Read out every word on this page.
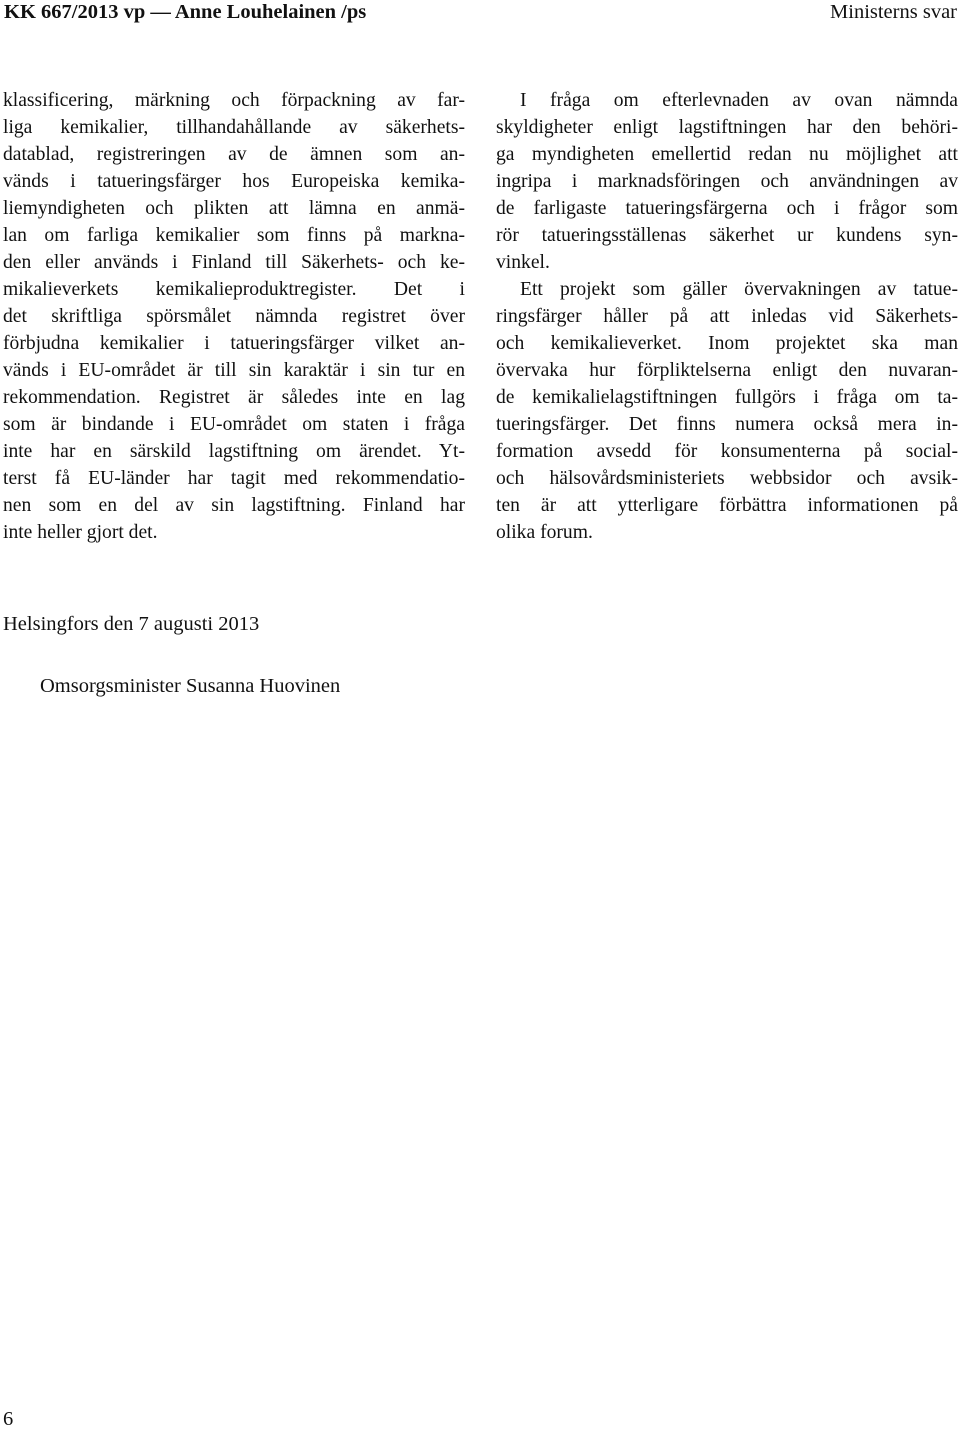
KK 667/2013 vp — Anne Louhelainen /ps	Ministerns svar
klassificering, märkning och förpackning av far-
liga kemikalier, tillhandahållande av säkerhets-
datablad, registreringen av de ämnen som an-
vänds i tatueringsfärger hos Europeiska kemika-
liemyndigheten och plikten att lämna en anmä-
lan om farliga kemikalier som finns på markna-
den eller används i Finland till Säkerhets- och ke-
mikalieverkets kemikalieproduktregister. Det i
det skriftliga spörsmålet nämnda registret över
förbjudna kemikalier i tatueringsfärger vilket an-
vänds i EU-området är till sin karaktär i sin tur en
rekommendation. Registret är således inte en lag
som är bindande i EU-området om staten i fråga
inte har en särskild lagstiftning om ärendet. Yt-
terst få EU-länder har tagit med rekommendatio-
nen som en del av sin lagstiftning. Finland har
inte heller gjort det.
I fråga om efterlevnaden av ovan nämnda
skyldigheter enligt lagstiftningen har den behöri-
ga myndigheten emellertid redan nu möjlighet att
ingripa i marknadsföringen och användningen av
de farligaste tatueringsfärgerna och i frågor som
rör tatueringsställenas säkerhet ur kundens syn-
vinkel.
Ett projekt som gäller övervakningen av tatue-
ringsfärger håller på att inledas vid Säkerhets-
och kemikalieverket. Inom projektet ska man
övervaka hur förpliktelserna enligt den nuvaran-
de kemikalielagstiftningen fullgörs i fråga om ta-
tueringsfärger. Det finns numera också mera in-
formation avsedd för konsumenterna på social-
och hälsovårdsministeriets webbsidor och avsik-
ten är att ytterligare förbättra informationen på
olika forum.
Helsingfors den 7 augusti 2013
Omsorgsminister Susanna Huovinen
6
